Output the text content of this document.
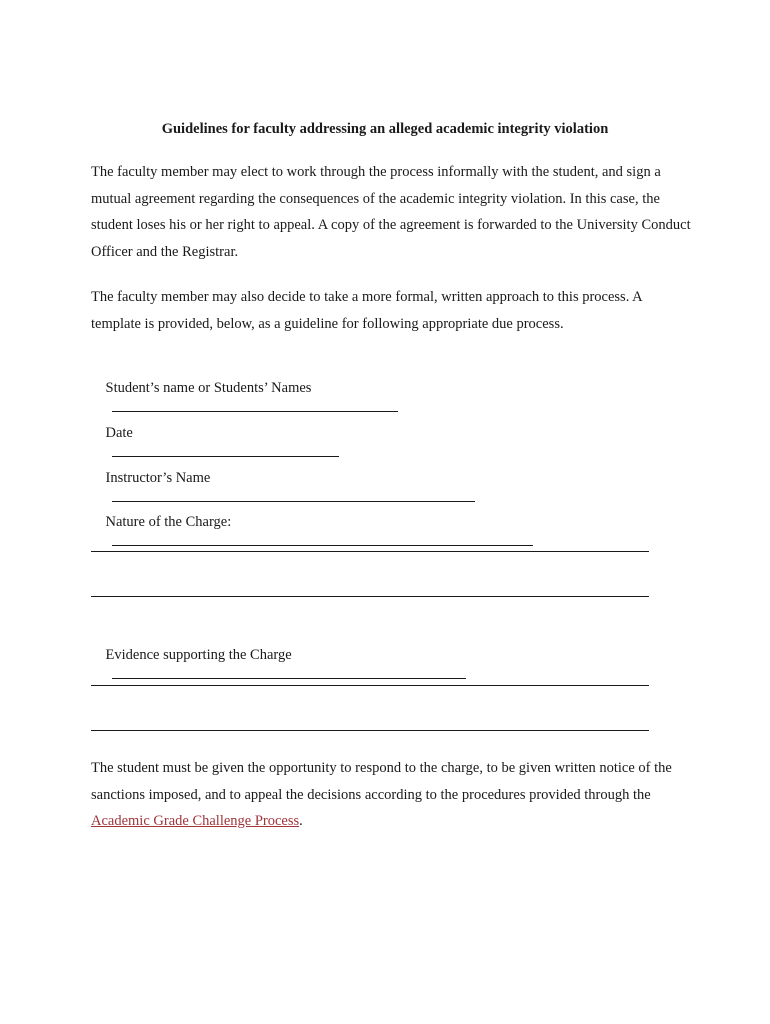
Guidelines for faculty addressing an alleged academic integrity violation
The faculty member may elect to work through the process informally with the student, and sign a mutual agreement regarding the consequences of the academic integrity violation. In this case, the student loses his or her right to appeal. A copy of the agreement is forwarded to the University Conduct Officer and the Registrar.
The faculty member may also decide to take a more formal, written approach to this process. A template is provided, below, as a guideline for following appropriate due process.

Student’s name or Students’ Names

Date

Instructor’s Name

Nature of the Charge:

Evidence supporting the Charge

The student must be given the opportunity to respond to the charge, to be given written notice of the sanctions imposed, and to appeal the decisions according to the procedures provided through the Academic Grade Challenge Process.
